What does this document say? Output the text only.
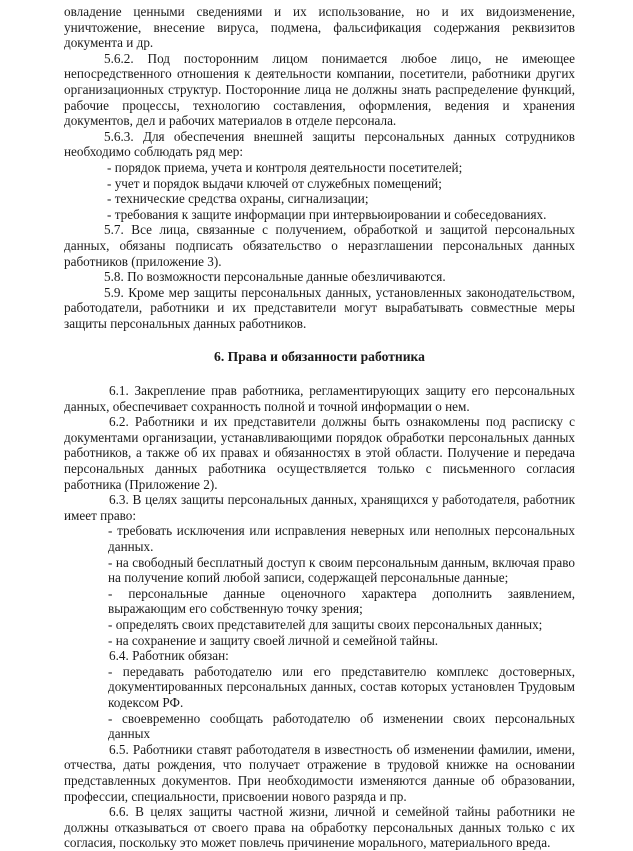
овладение ценными сведениями и их использование, но и их видоизменение, уничтожение, внесение вируса, подмена, фальсификация содержания реквизитов документа и др.

5.6.2. Под посторонним лицом понимается любое лицо, не имеющее непосредственного отношения к деятельности компании, посетители, работники других организационных структур. Посторонние лица не должны знать распределение функций, рабочие процессы, технологию составления, оформления, ведения и хранения документов, дел и рабочих материалов в отделе персонала.

5.6.3. Для обеспечения внешней защиты персональных данных сотрудников необходимо соблюдать ряд мер:

- порядок приема, учета и контроля деятельности посетителей;

- учет и порядок выдачи ключей от служебных помещений;

- технические средства охраны, сигнализации;

- требования к защите информации при интервьюировании и собеседованиях.

5.7. Все лица, связанные с получением, обработкой и защитой персональных данных, обязаны подписать обязательство о неразглашении персональных данных работников (приложение 3).

5.8. По возможности персональные данные обезличиваются.

5.9. Кроме мер защиты персональных данных, установленных законодательством, работодатели, работники и их представители могут вырабатывать совместные меры защиты персональных данных работников.

6. Права и обязанности работника

6.1. Закрепление прав работника, регламентирующих защиту его персональных данных, обеспечивает сохранность полной и точной информации о нем.

6.2. Работники и их представители должны быть ознакомлены под расписку с документами организации, устанавливающими порядок обработки персональных данных работников, а также об их правах и обязанностях в этой области. Получение и передача персональных данных работника осуществляется только с письменного согласия работника (Приложение 2).

6.3. В целях защиты персональных данных, хранящихся у работодателя, работник имеет право:

- требовать исключения или исправления неверных или неполных персональных данных.

- на свободный бесплатный доступ к своим персональным данным, включая право на получение копий любой записи, содержащей персональные данные;

- персональные данные оценочного характера дополнить заявлением, выражающим его собственную точку зрения;

- определять своих представителей для защиты своих персональных данных;

- на сохранение и защиту своей личной и семейной тайны.

6.4. Работник обязан:

- передавать работодателю или его представителю комплекс достоверных, документированных персональных данных, состав которых установлен Трудовым кодексом РФ.

- своевременно сообщать работодателю об изменении своих персональных данных

6.5. Работники ставят работодателя в известность об изменении фамилии, имени, отчества, даты рождения, что получает отражение в трудовой книжке на основании представленных документов. При необходимости изменяются данные об образовании, профессии, специальности, присвоении нового разряда и пр.

6.6. В целях защиты частной жизни, личной и семейной тайны работники не должны отказываться от своего права на обработку персональных данных только с их согласия, поскольку это может повлечь причинение морального, материального вреда.
